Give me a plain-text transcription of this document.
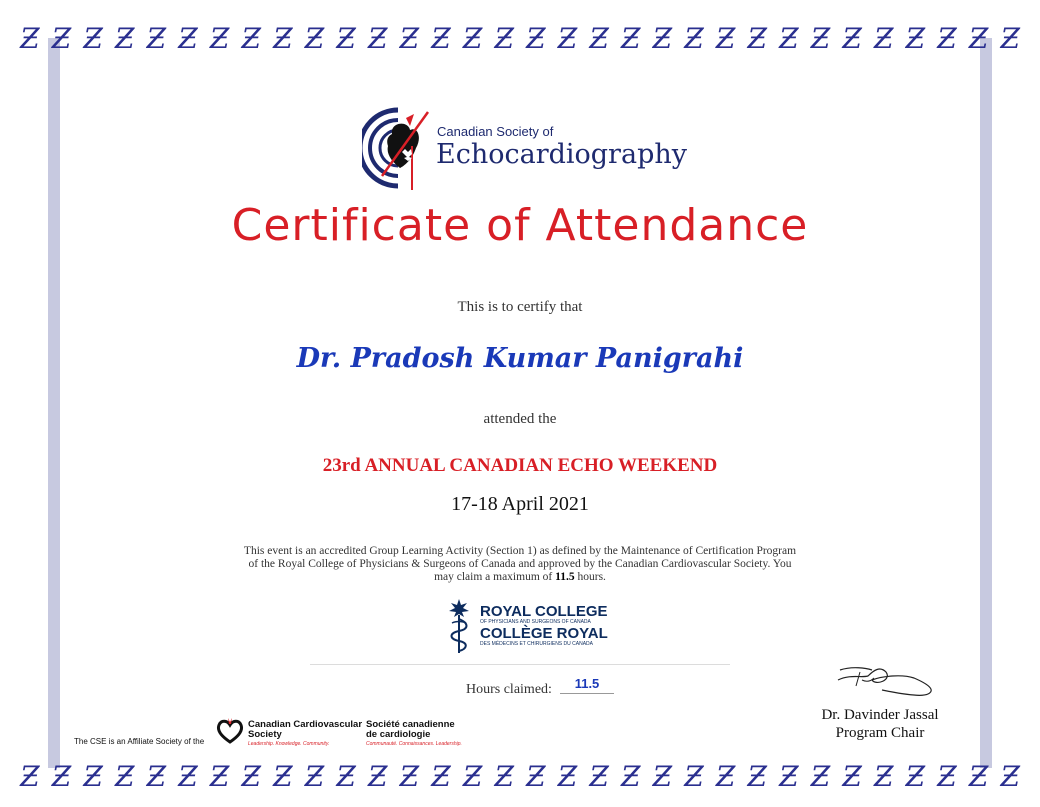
Ƶ Ƶ Ƶ Ƶ Ƶ Ƶ Ƶ Ƶ Ƶ Ƶ Ƶ Ƶ Ƶ Ƶ Ƶ Ƶ Ƶ Ƶ Ƶ Ƶ Ƶ Ƶ Ƶ Ƶ Ƶ Ƶ Ƶ Ƶ Ƶ Ƶ Ƶ Ƶ
Ƶ Ƶ Ƶ Ƶ Ƶ Ƶ Ƶ Ƶ Ƶ Ƶ Ƶ Ƶ Ƶ Ƶ Ƶ Ƶ Ƶ Ƶ Ƶ Ƶ Ƶ Ƶ Ƶ Ƶ Ƶ Ƶ Ƶ Ƶ Ƶ Ƶ Ƶ Ƶ
Canadian Society of
Echocardiography
Certificate of Attendance
This is to certify that
Dr. Pradosh Kumar Panigrahi
attended the
23rd ANNUAL CANADIAN ECHO WEEKEND
17-18 April 2021
This event is an accredited Group Learning Activity (Section 1) as defined by the Maintenance of Certification Program of the Royal College of Physicians & Surgeons of Canada and approved by the Canadian Cardiovascular Society. You may claim a maximum of 11.5 hours.
ROYAL COLLEGE
OF PHYSICIANS AND SURGEONS OF CANADA
COLLÈGE ROYAL
DES MÉDECINS ET CHIRURGIENS DU CANADA
Hours claimed:	11.5
Dr. Davinder Jassal
Program Chair
The CSE is an Affiliate Society of the
Canadian Cardiovascular
Society
Leadership. Knowledge. Community.
Société canadienne
de cardiologie
Communauté. Connaissances. Leadership.
